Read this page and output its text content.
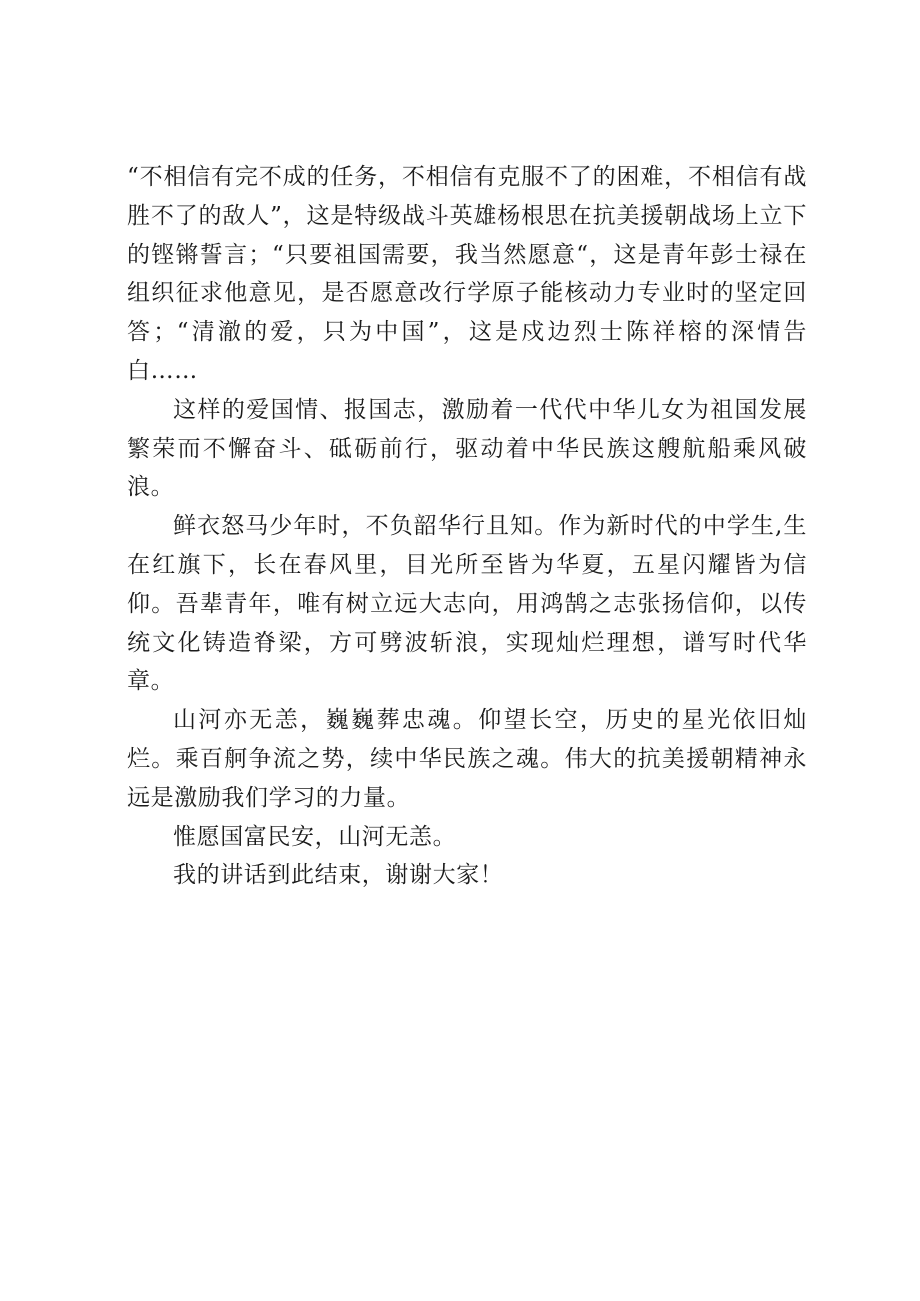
“不相信有完不成的任务，不相信有克服不了的困难，不相信有战胜不了的敌人”，这是特级战斗英雄杨根思在抗美援朝战场上立下的铿锵誓言；“只要祖国需要，我当然愿意“，这是青年彭士禄在组织征求他意见，是否愿意改行学原子能核动力专业时的坚定回答；“清澈的爱，只为中国”，这是戍边烈士陈祥榕的深情告白……

这样的爱国情、报国志，激励着一代代中华儿女为祖国发展繁荣而不懈奋斗、砥砺前行，驱动着中华民族这艘航船乘风破浪。

鲜衣怒马少年时，不负韶华行且知。作为新时代的中学生,生在红旗下，长在春风里，目光所至皆为华夏，五星闪耀皆为信仰。吾辈青年，唯有树立远大志向，用鸿鹄之志张扬信仰，以传统文化铸造脊梁，方可劈波斩浪，实现灿烂理想，谱写时代华章。

山河亦无恙，巍巍葬忠魂。仰望长空，历史的星光依旧灿烂。乘百舸争流之势，续中华民族之魂。伟大的抗美援朝精神永远是激励我们学习的力量。

惟愿国富民安，山河无恙。

我的讲话到此结束，谢谢大家！
